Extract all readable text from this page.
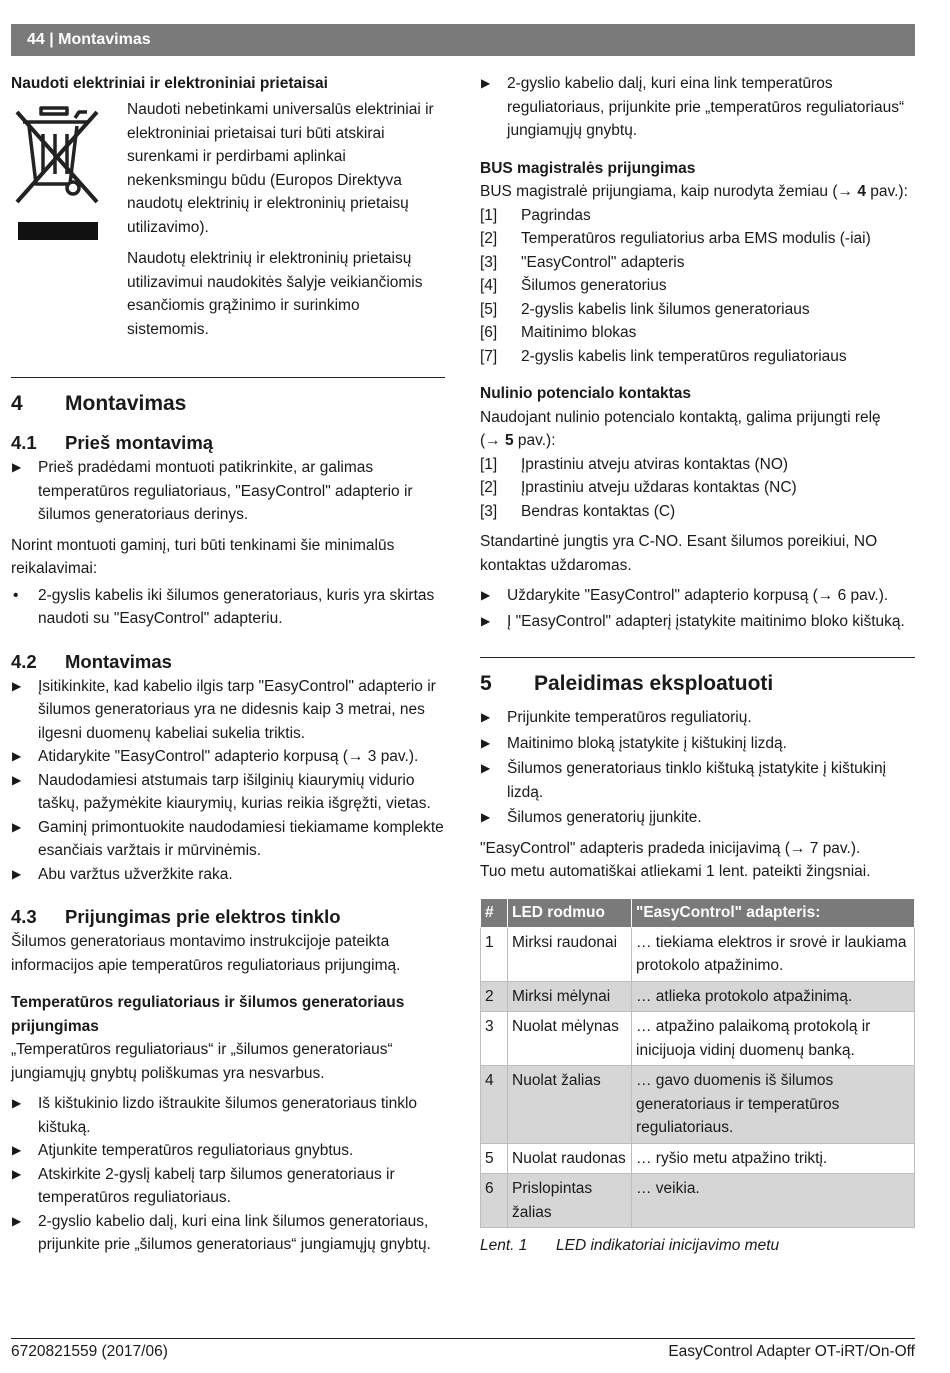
44 | Montavimas

Naudoti elektriniai ir elektroniniai prietaisai

Naudoti nebetinkami universalūs elektriniai ir elektroniniai prietaisai turi būti atskirai surenkami ir perdirbami aplinkai nekenksmingu būdu (Europos Direktyva naudotų elektrinių ir elektroninių prietaisų utilizavimo).

Naudotų elektrinių ir elektroninių prietaisų utilizavimui naudokitės šalyje veikiančiomis esančiomis grąžinimo ir surinkimo sistemomis.

4 Montavimas
4.1 Prieš montavimą
▶ Prieš pradėdami montuoti patikrinkite, ar galimas temperatūros reguliatoriaus, "EasyControl" adapterio ir šilumos generatoriaus derinys.

Norint montuoti gaminį, turi būti tenkinami šie minimalūs reikalavimai:

• 2-gyslis kabelis iki šilumos generatoriaus, kuris yra skirtas naudoti su "EasyControl" adapteriu.
4.2 Montavimas
▶ Įsitikinkite, kad kabelio ilgis tarp "EasyControl" adapterio ir šilumos generatoriaus yra ne didesnis kaip 3 metrai, nes ilgesni duomenų kabeliai sukelia triktis.
▶ Atidarykite "EasyControl" adapterio korpusą (→ 3 pav.).
▶ Naudodamiesi atstumais tarp išilginių kiaurymių vidurio taškų, pažymėkite kiaurymių, kurias reikia išgręžti, vietas.
▶ Gaminį primontuokite naudodamiesi tiekiamame komplekte esančiais varžtais ir mūrvinėmis.
▶ Abu varžtus užveržkite raka.
4.3 Prijungimas prie elektros tinklo

Šilumos generatoriaus montavimo instrukcijoje pateikta informacijos apie temperatūros reguliatoriaus prijungimą.

Temperatūros reguliatoriaus ir šilumos generatoriaus prijungimas

„Temperatūros reguliatoriaus“ ir „šilumos generatoriaus“ jungiamųjų gnybtų poliškumas yra nesvarbus.

▶ Iš kištukinio lizdo ištraukite šilumos generatoriaus tinklo kištuką.
▶ Atjunkite temperatūros reguliatoriaus gnybtus.
▶ Atskirkite 2-gyslį kabelį tarp šilumos generatoriaus ir temperatūros reguliatoriaus.
▶ 2-gyslio kabelio dalį, kuri eina link šilumos generatoriaus, prijunkite prie „šilumos generatoriaus“ jungiamųjų gnybtų.
▶ 2-gyslio kabelio dalį, kuri eina link temperatūros reguliatoriaus, prijunkite prie „temperatūros reguliatoriaus“ jungiamųjų gnybtų.

BUS magistralės prijungimas

BUS magistralė prijungiama, kaip nurodyta žemiau (→ 4 pav.):

[1] Pagrindas
[2] Temperatūros reguliatorius arba EMS modulis (-iai)
[3] "EasyControl" adapteris
[4] Šilumos generatorius
[5] 2-gyslis kabelis link šilumos generatoriaus
[6] Maitinimo blokas
[7] 2-gyslis kabelis link temperatūros reguliatoriaus

Nulinio potencialo kontaktas

Naudojant nulinio potencialo kontaktą, galima prijungti relę
(→ 5 pav.):

[1] Įprastiniu atveju atviras kontaktas (NO)
[2] Įprastiniu atveju uždaras kontaktas (NC)
[3] Bendras kontaktas (C)

Standartinė jungtis yra C-NO. Esant šilumos poreikiui, NO kontaktas uždaromas.

▶ Uždarykite "EasyControl" adapterio korpusą (→ 6 pav.).
▶ Į "EasyControl" adapterį įstatykite maitinimo bloko kištuką.
5 Paleidimas eksploatuoti
▶ Prijunkite temperatūros reguliatorių.
▶ Maitinimo bloką įstatykite į kištukinį lizdą.
▶ Šilumos generatoriaus tinklo kištuką įstatykite į kištukinį lizdą.
▶ Šilumos generatorių įjunkite.

"EasyControl" adapteris pradeda inicijavimą (→ 7 pav.).
Tuo metu automatiškai atliekami 1 lent. pateikti žingsniai.

#	LED rodmuo	"EasyControl" adapteris:
1	Mirksi raudonai	… tiekiama elektros ir srovė ir laukiama protokolo atpažinimo.
2	Mirksi mėlynai	… atlieka protokolo atpažinimą.
3	Nuolat mėlynas	… atpažino palaikomą protokolą ir inicijuoja vidinį duomenų banką.
4	Nuolat žalias	… gavo duomenis iš šilumos generatoriaus ir temperatūros reguliatoriaus.
5	Nuolat raudonas	… ryšio metu atpažino triktį.
6	Prislopintas žalias	… veikia.

Lent. 1 LED indikatoriai inicijavimo metu

6720821559 (2017/06)	EasyControl Adapter OT-iRT/On-Off
